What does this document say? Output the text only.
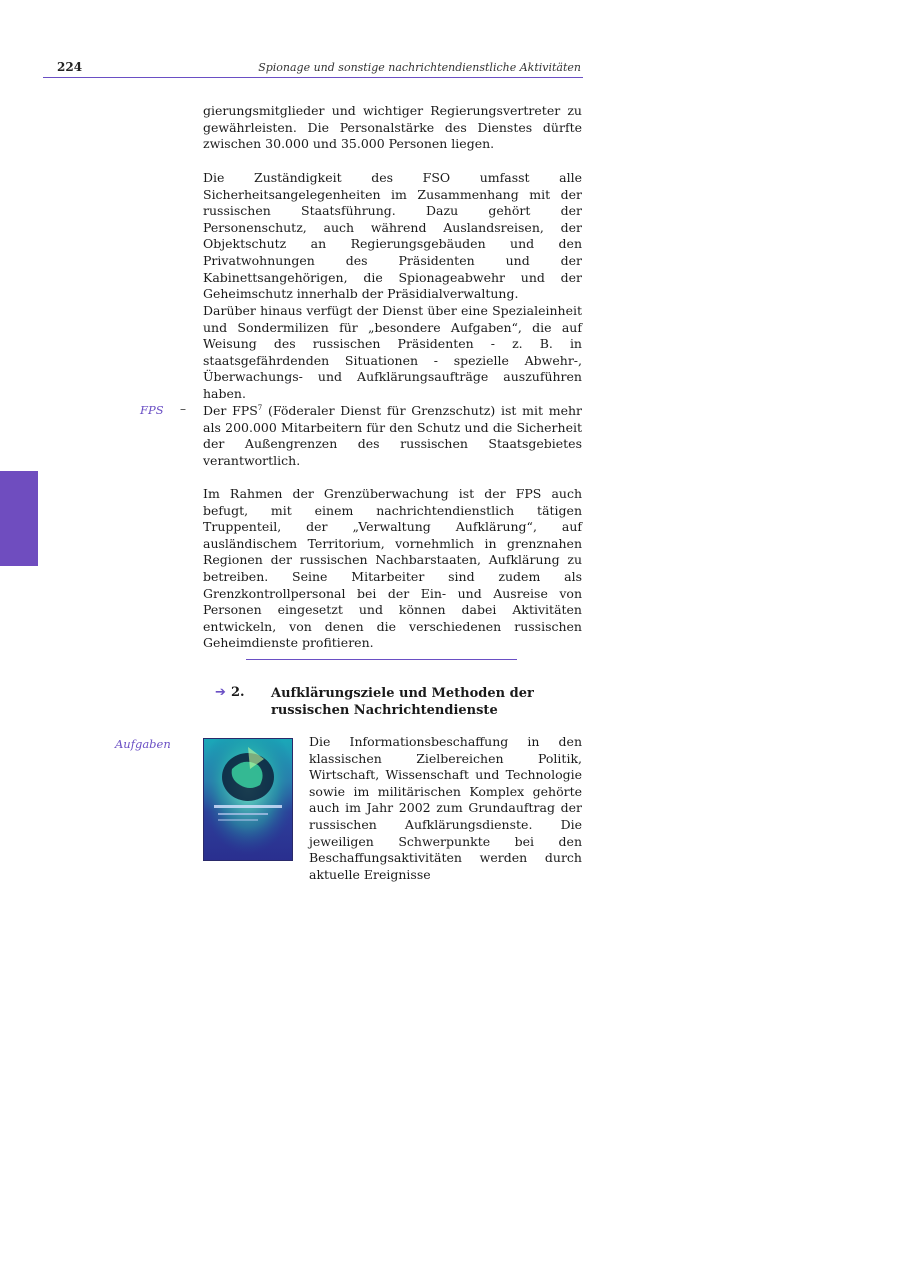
224	Spionage und sonstige nachrichtendienstliche Aktivitäten

gierungsmitglieder und wichtiger Regierungsvertreter zu gewährleisten. Die Personalstärke des Dienstes dürfte zwischen 30.000 und 35.000 Personen liegen.

Die Zuständigkeit des FSO umfasst alle Sicherheitsangelegenheiten im Zusammenhang mit der russischen Staatsführung. Dazu gehört der Personenschutz, auch während Auslandsreisen, der Objektschutz an Regierungsgebäuden und den Privatwohnungen des Präsidenten und der Kabinettsangehörigen, die Spionageabwehr und der Geheimschutz innerhalb der Präsidialverwaltung.

Darüber hinaus verfügt der Dienst über eine Spezialeinheit und Sondermilizen für „besondere Aufgaben“, die auf Weisung des russischen Präsidenten - z. B. in staatsgefährdenden Situationen - spezielle Abwehr-, Überwachungs- und Aufklärungsaufträge auszuführen haben.

FPS – Der FPS$^7$ (Föderaler Dienst für Grenzschutz) ist mit mehr als 200.000 Mitarbeitern für den Schutz und die Sicherheit der Außengrenzen des russischen Staatsgebietes verantwortlich.

Im Rahmen der Grenzüberwachung ist der FPS auch befugt, mit einem nachrichtendienstlich tätigen Truppenteil, der „Verwaltung Aufklärung“, auf ausländischem Territorium, vornehmlich in grenznahen Regionen der russischen Nachbarstaaten, Aufklärung zu betreiben. Seine Mitarbeiter sind zudem als Grenzkontrollpersonal bei der Ein- und Ausreise von Personen eingesetzt und können dabei Aktivitäten entwickeln, von denen die verschiedenen russischen Geheimdienste profitieren.

➔ 2. Aufklärungsziele und Methoden der russischen Nachrichtendienste
Aufgaben	Die Informationsbeschaffung in den klassischen Zielbereichen Politik, Wirtschaft, Wissenschaft und Technologie sowie im militärischen Komplex gehörte auch im Jahr 2002 zum Grundauftrag der russischen Aufklärungsdienste. Die jeweiligen Schwerpunkte bei den Beschaffungsaktivitäten werden durch aktuelle Ereignisse
